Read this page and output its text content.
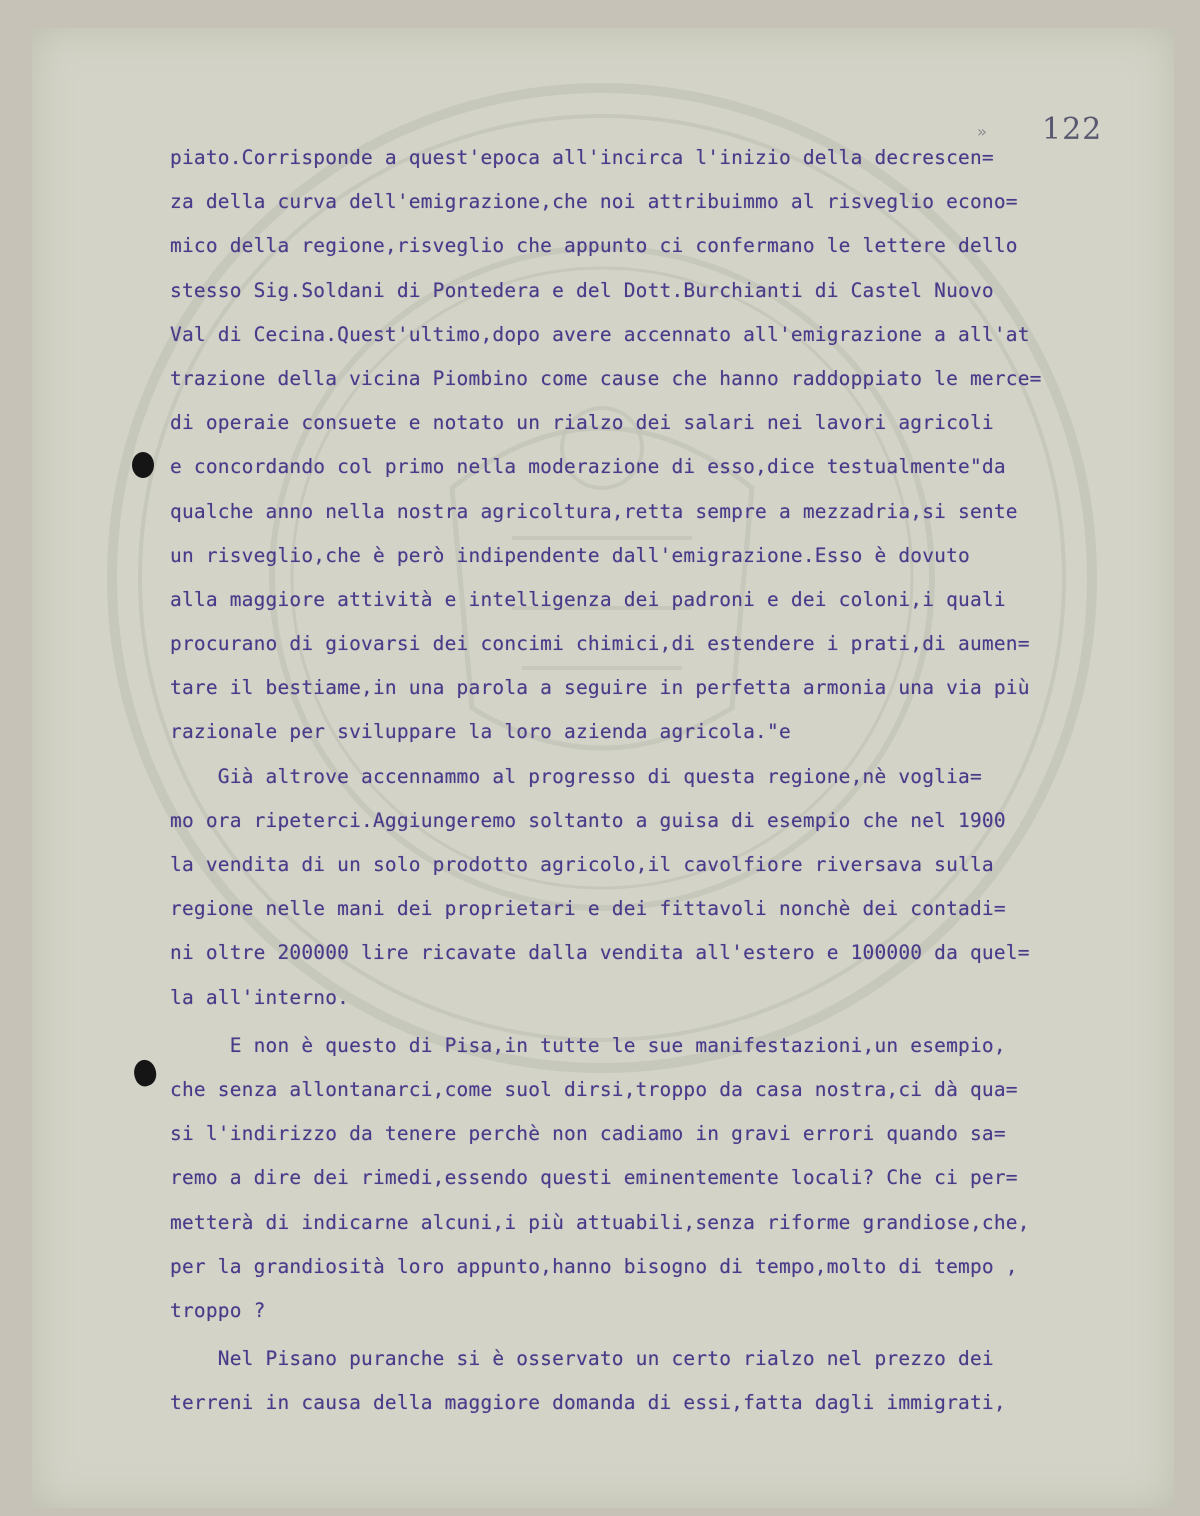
» 122
piato.Corrisponde a quest'epoca all'incirca l'inizio della decrescen=
za della curva dell'emigrazione,che noi attribuimmo al risveglio econo=
mico della regione,risveglio che appunto ci confermano le lettere dello
stesso Sig.Soldani di Pontedera e del Dott.Burchianti di Castel Nuovo
Val di Cecina.Quest'ultimo,dopo avere accennato all'emigrazione a all'at
trazione della vicina Piombino come cause che hanno raddoppiato le merce=
di operaie consuete e notato un rialzo dei salari nei lavori agricoli
e concordando col primo nella moderazione di esso,dice testualmente"da
qualche anno nella nostra agricoltura,retta sempre a mezzadria,si sente
un risveglio,che è però indipendente dall'emigrazione.Esso è dovuto
alla maggiore attività e intelligenza dei padroni e dei coloni,i quali
procurano di giovarsi dei concimi chimici,di estendere i prati,di aumen=
tare il bestiame,in una parola a seguire in perfetta armonia una via più
razionale per sviluppare la loro azienda agricola."e
Già altrove accennammo al progresso di questa regione,nè voglia=
mo ora ripeterci.Aggiungeremo soltanto a guisa di esempio che nel 1900
la vendita di un solo prodotto agricolo,il cavolfiore riversava sulla
regione nelle mani dei proprietari e dei fittavoli nonchè dei contadi=
ni oltre 200000 lire ricavate dalla vendita all'estero e 100000 da quel=
la all'interno.
E non è questo di Pisa,in tutte le sue manifestazioni,un esempio,
che senza allontanarci,come suol dirsi,troppo da casa nostra,ci dà qua=
si l'indirizzo da tenere perchè non cadiamo in gravi errori quando sa=
remo a dire dei rimedi,essendo questi eminentemente locali? Che ci per=
metterà di indicarne alcuni,i più attuabili,senza riforme grandiose,che,
per la grandiosità loro appunto,hanno bisogno di tempo,molto di tempo ,
troppo ?
Nel Pisano puranche si è osservato un certo rialzo nel prezzo dei
terreni in causa della maggiore domanda di essi,fatta dagli immigrati,
